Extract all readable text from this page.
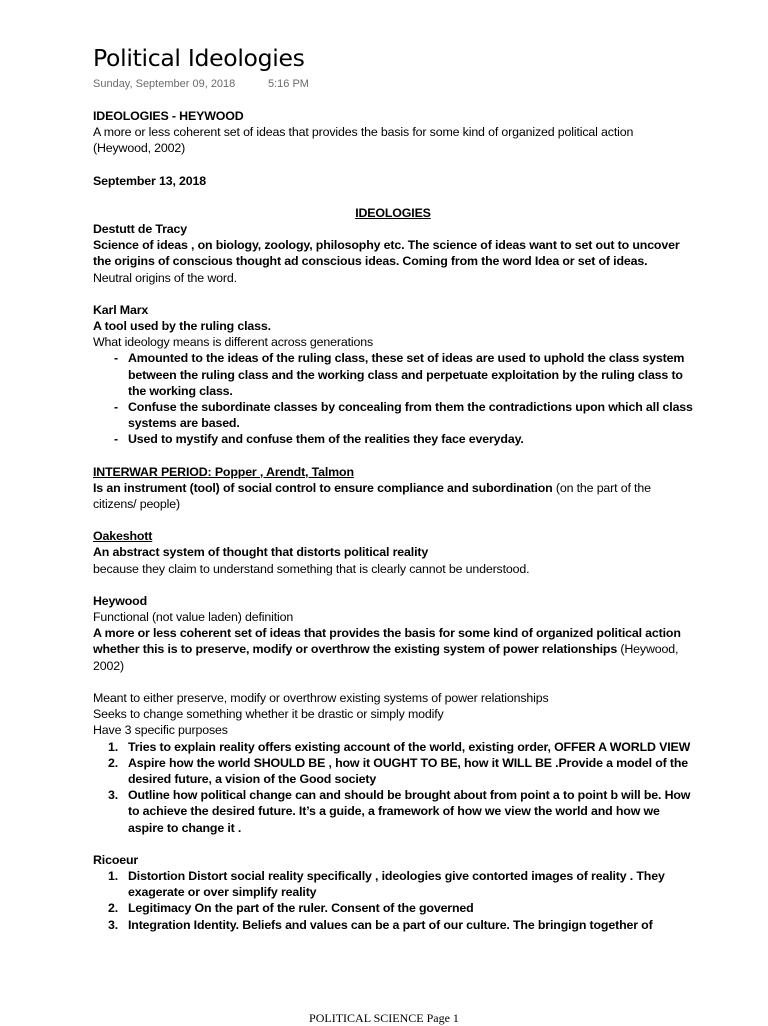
Political Ideologies
Sunday, September 09, 2018	5:16 PM

IDEOLOGIES - HEYWOOD

A more or less coherent set of ideas that provides the basis for some kind of organized political action (Heywood, 2002)

September 13, 2018

IDEOLOGIES

Destutt de Tracy

Science of ideas , on biology, zoology, philosophy etc. The science of ideas want to set out to uncover the origins of conscious thought ad conscious ideas. Coming from the word Idea or set of ideas.

Neutral origins of the word.

Karl Marx

A tool used by the ruling class.

What ideology means is different across generations

- Amounted to the ideas of the ruling class, these set of ideas are used to uphold the class system between the ruling class and the working class and perpetuate exploitation by the ruling class to the working class.
- Confuse the subordinate classes by concealing from them the contradictions upon which all class systems are based.
- Used to mystify and confuse them of the realities they face everyday.

INTERWAR PERIOD: Popper , Arendt, Talmon

Is an instrument (tool) of social control to ensure compliance and subordination (on the part of the citizens/ people)

Oakeshott

An abstract system of thought that distorts political reality

because they claim to understand something that is clearly cannot be understood.

Heywood

Functional (not value laden) definition

A more or less coherent set of ideas that provides the basis for some kind of organized political action whether this is to preserve, modify or overthrow the existing system of power relationships (Heywood, 2002)

Meant to either preserve, modify or overthrow existing systems of power relationships

Seeks to change something whether it be drastic or simply modify

Have 3 specific purposes

1. Tries to explain reality offers existing account of the world, existing order, OFFER A WORLD VIEW
2. Aspire how the world SHOULD BE , how it OUGHT TO BE, how it WILL BE .Provide a model of the desired future, a vision of the Good society
3. Outline how political change can and should be brought about from point a to point b will be. How to achieve the desired future. It’s a guide, a framework of how we view the world and how we aspire to change it .

Ricoeur

1. Distortion Distort social reality specifically , ideologies give contorted images of reality . They exagerate or over simplify reality
2. Legitimacy On the part of the ruler. Consent of the governed
3. Integration Identity. Beliefs and values can be a part of our culture. The bringign together of
POLITICAL SCIENCE Page 1
